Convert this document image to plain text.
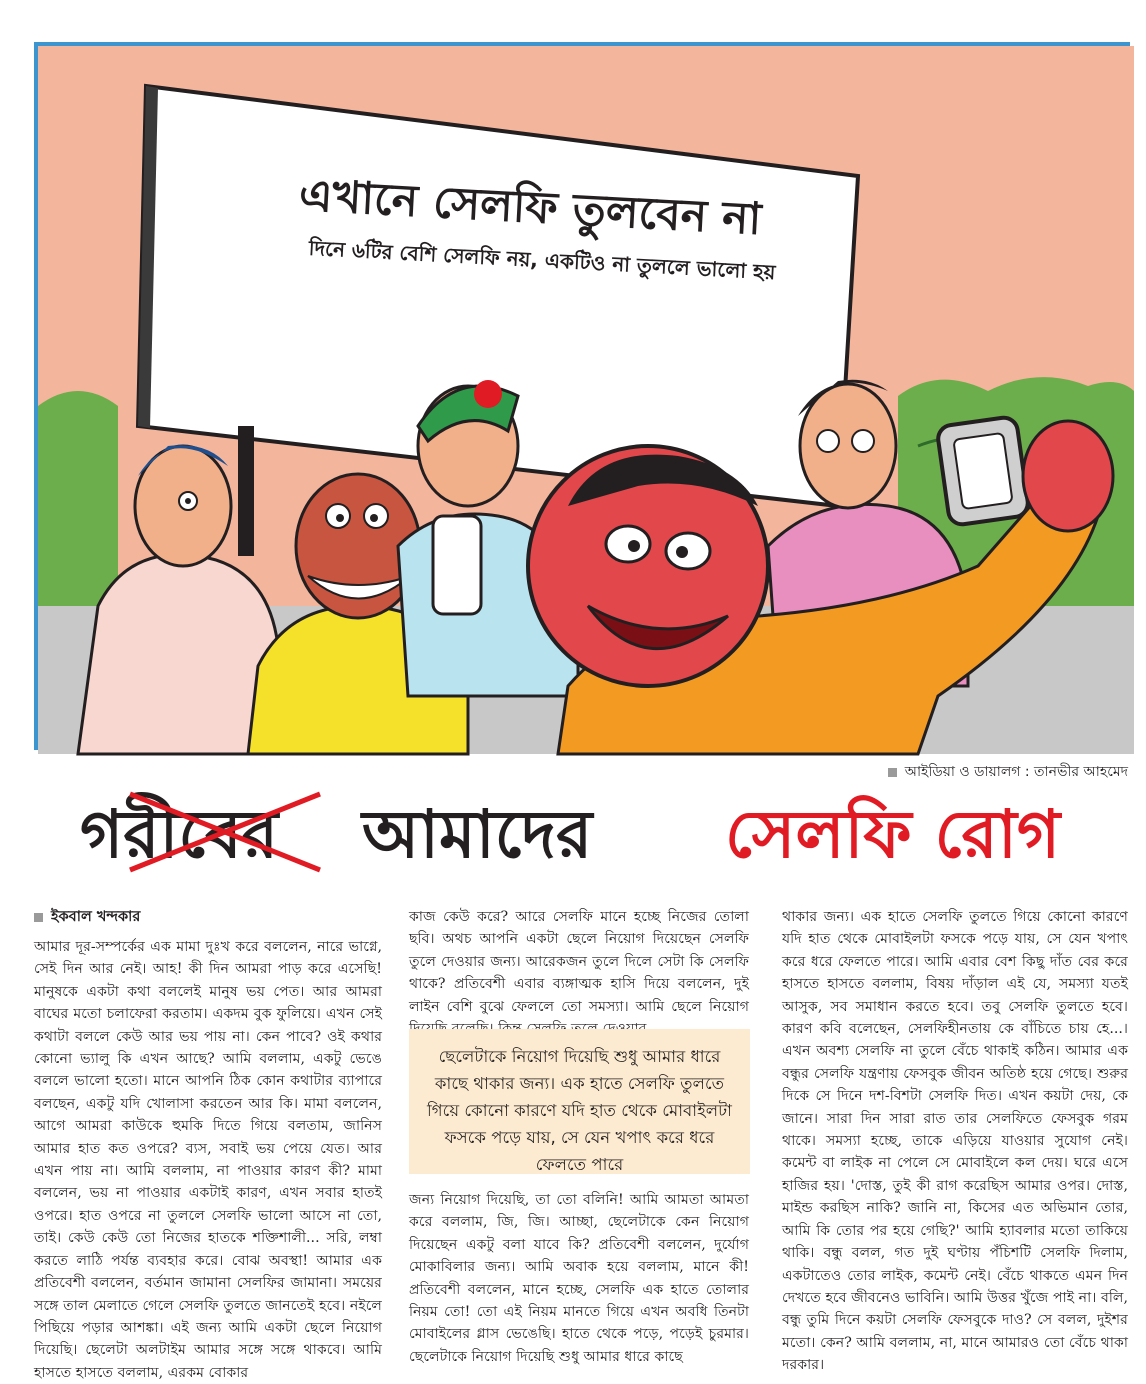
এখানে সেলফি তুলবেন না
দিনে ৬টির বেশি সেলফি নয়, একটিও না তুললে ভালো হয়
আইডিয়া ও ডায়ালগ : তানভীর আহমেদ
গরীবের আমাদের সেলফি রোগ
ইকবাল খন্দকার
আমার দূর-সম্পর্কের এক মামা দুঃখ করে বললেন, নারে ভাগ্নে, সেই দিন আর নেই। আহ! কী দিন আমরা পাড় করে এসেছি! মানুষকে একটা কথা বললেই মানুষ ভয় পেত। আর আমরা বাঘের মতো চলাফেরা করতাম। একদম বুক ফুলিয়ে। এখন সেই কথাটা বললে কেউ আর ভয় পায় না। কেন পাবে? ওই কথার কোনো ভ্যালু কি এখন আছে? আমি বললাম, একটু ভেঙে বললে ভালো হতো। মানে আপনি ঠিক কোন কথাটার ব্যাপারে বলছেন, একটু যদি খোলাসা করতেন আর কি। মামা বললেন, আগে আমরা কাউকে হুমকি দিতে গিয়ে বলতাম, জানিস আমার হাত কত ওপরে? ব্যস, সবাই ভয় পেয়ে যেত। আর এখন পায় না। আমি বললাম, না পাওয়ার কারণ কী? মামা বললেন, ভয় না পাওয়ার একটাই কারণ, এখন সবার হাতই ওপরে। হাত ওপরে না তুললে সেলফি ভালো আসে না তো, তাই। কেউ কেউ তো নিজের হাতকে শক্তিশালী... সরি, লম্বা করতে লাঠি পর্যন্ত ব্যবহার করে। বোঝ অবস্থা! আমার এক প্রতিবেশী বললেন, বর্তমান জামানা সেলফির জামানা। সময়ের সঙ্গে তাল মেলাতে গেলে সেলফি তুলতে জানতেই হবে। নইলে পিছিয়ে পড়ার আশঙ্কা। এই জন্য আমি একটা ছেলে নিয়োগ দিয়েছি। ছেলেটা অলটাইম আমার সঙ্গে সঙ্গে থাকবে। আমি হাসতে হাসতে বললাম, এরকম বোকার
কাজ কেউ করে? আরে সেলফি মানে হচ্ছে নিজের তোলা ছবি। অথচ আপনি একটা ছেলে নিয়োগ দিয়েছেন সেলফি তুলে দেওয়ার জন্য। আরেকজন তুলে দিলে সেটা কি সেলফি থাকে? প্রতিবেশী এবার ব্যঙ্গাত্মক হাসি দিয়ে বললেন, দুই লাইন বেশি বুঝে ফেললে তো সমস্যা। আমি ছেলে নিয়োগ
ছেলেটাকে নিয়োগ দিয়েছি শুধু আমার ধারে কাছে থাকার জন্য। এক হাতে সেলফি তুলতে গিয়ে কোনো কারণে যদি হাত থেকে মোবাইলটা ফসকে পড়ে যায়, সে যেন খপাৎ করে ধরে ফেলতে পারে
জন্য নিয়োগ দিয়েছি, তা তো বলিনি! আমি আমতা আমতা করে বললাম, জি, জি। আচ্ছা, ছেলেটাকে কেন নিয়োগ দিয়েছেন একটু বলা যাবে কি? প্রতিবেশী বললেন, দুর্যোগ মোকাবিলার জন্য। আমি অবাক হয়ে বললাম, মানে কী! প্রতিবেশী বললেন, মানে হচ্ছে, সেলফি এক হাতে তোলার নিয়ম তো! তো এই নিয়ম মানতে গিয়ে এখন অবধি তিনটা মোবাইলের গ্লাস ভেঙেছি। হাতে থেকে পড়ে, পড়েই চুরমার। ছেলেটাকে নিয়োগ দিয়েছি শুধু আমার ধারে কাছে
থাকার জন্য। এক হাতে সেলফি তুলতে গিয়ে কোনো কারণে যদি হাত থেকে মোবাইলটা ফসকে পড়ে যায়, সে যেন খপাৎ করে ধরে ফেলতে পারে। আমি এবার বেশ কিছু দাঁত বের করে হাসতে হাসতে বললাম, বিষয় দাঁড়াল এই যে, সমস্যা যতই আসুক, সব সমাধান করতে হবে। তবু সেলফি তুলতে হবে। কারণ কবি বলেছেন, সেলফিহীনতায় কে বাঁচিতে চায় হে...। এখন অবশ্য সেলফি না তুলে বেঁচে থাকাই কঠিন। আমার এক বন্ধুর সেলফি যন্ত্রণায় ফেসবুক জীবন অতিষ্ঠ হয়ে গেছে। শুরুর দিকে সে দিনে দশ-বিশটা সেলফি দিত। এখন কয়টা দেয়, কে জানে। সারা দিন সারা রাত তার সেলফিতে ফেসবুক গরম থাকে। সমস্যা হচ্ছে, তাকে এড়িয়ে যাওয়ার সুযোগ নেই। কমেন্ট বা লাইক না পেলে সে মোবাইলে কল দেয়। ঘরে এসে হাজির হয়। 'দোস্ত, তুই কী রাগ করেছিস আমার ওপর। দোস্ত, মাইন্ড করছিস নাকি? জানি না, কিসের এত অভিমান তোর, আমি কি তোর পর হয়ে গেছি?' আমি হ্যাবলার মতো তাকিয়ে থাকি। বন্ধু বলল, গত দুই ঘণ্টায় পঁচিশটি সেলফি দিলাম, একটাতেও তোর লাইক, কমেন্ট নেই। বেঁচে থাকতে এমন দিন দেখতে হবে জীবনেও ভাবিনি। আমি উত্তর খুঁজে পাই না। বলি, বন্ধু তুমি দিনে কয়টা সেলফি ফেসবুকে দাও? সে বলল, দুইশর মতো। কেন? আমি বললাম, না, মানে আমারও তো বেঁচে থাকা দরকার।
